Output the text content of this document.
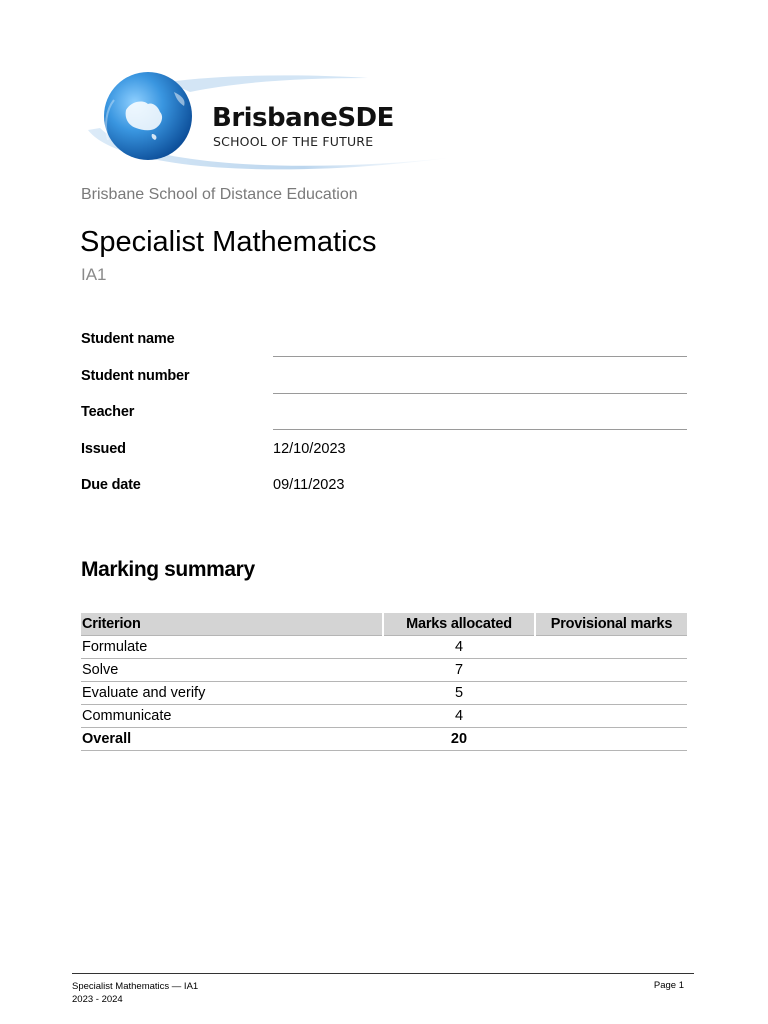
BrisbaneSDE
SCHOOL OF THE FUTURE
Brisbane School of Distance Education
Specialist Mathematics
IA1
Student name
Student number
Teacher
Issued	12/10/2023
Due date	09/11/2023
Marking summary
Criterion	Marks allocated	Provisional marks
Formulate	4	
Solve	7	
Evaluate and verify	5	
Communicate	4	
Overall	20	
Specialist Mathematics — IA1
2023 - 2024
Page 1
